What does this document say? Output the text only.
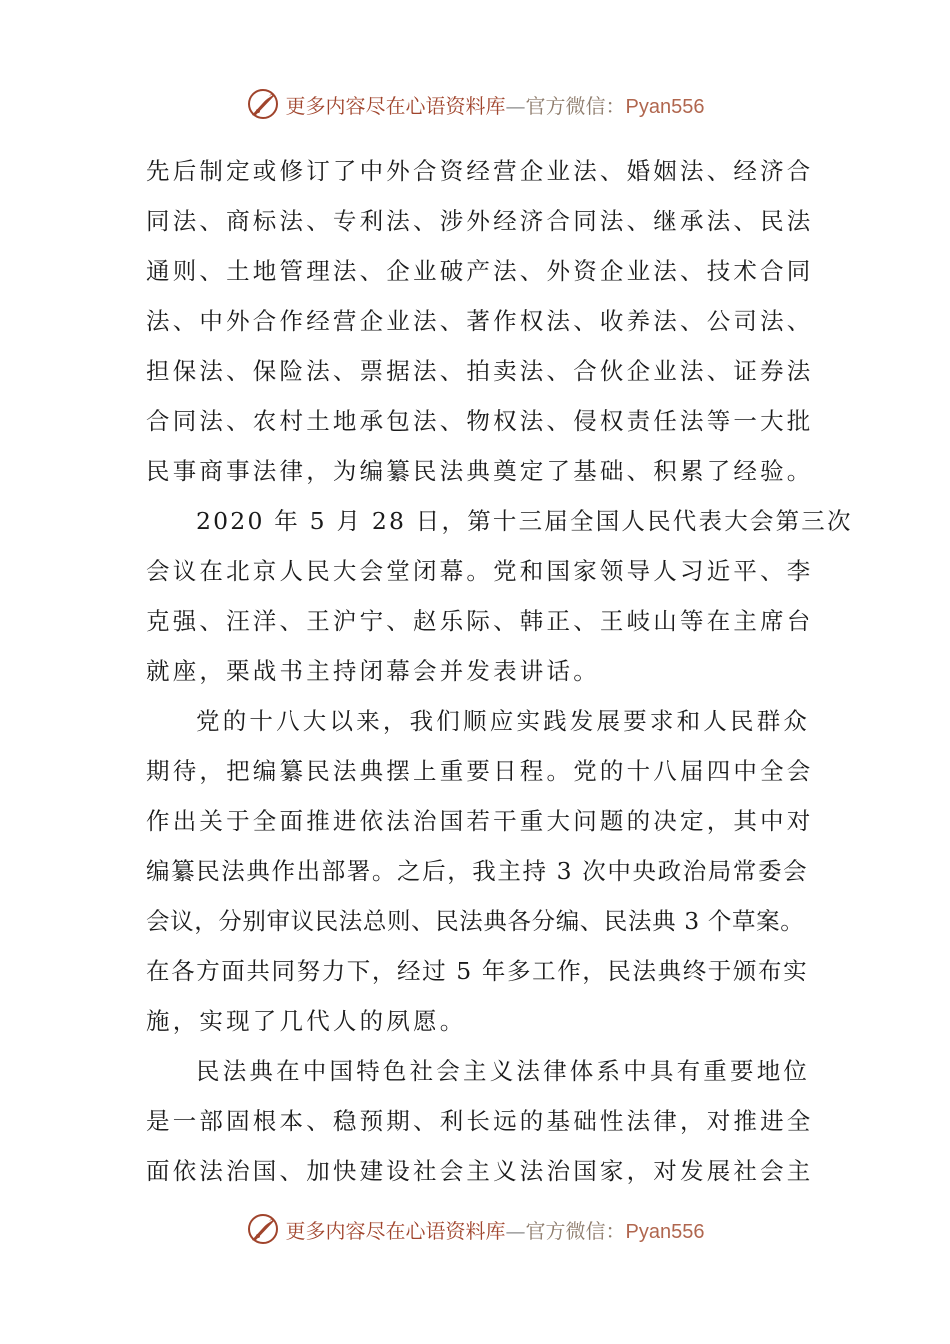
更多内容尽在心语资料库—官方微信：Pyan556
先后制定或修订了中外合资经营企业法、婚姻法、经济合
同法、商标法、专利法、涉外经济合同法、继承法、民法
通则、土地管理法、企业破产法、外资企业法、技术合同
法、中外合作经营企业法、著作权法、收养法、公司法、
担保法、保险法、票据法、拍卖法、合伙企业法、证券法
合同法、农村土地承包法、物权法、侵权责任法等一大批
民事商事法律，为编纂民法典奠定了基础、积累了经验。
2020 年 5 月 28 日，第十三届全国人民代表大会第三次
会议在北京人民大会堂闭幕。党和国家领导人习近平、李
克强、汪洋、王沪宁、赵乐际、韩正、王岐山等在主席台
就座，栗战书主持闭幕会并发表讲话。
党的十八大以来，我们顺应实践发展要求和人民群众
期待，把编纂民法典摆上重要日程。党的十八届四中全会
作出关于全面推进依法治国若干重大问题的决定，其中对
编纂民法典作出部署。之后，我主持 3 次中央政治局常委会
会议，分别审议民法总则、民法典各分编、民法典 3 个草案。
在各方面共同努力下，经过 5 年多工作，民法典终于颁布实
施，实现了几代人的夙愿。
民法典在中国特色社会主义法律体系中具有重要地位
是一部固根本、稳预期、利长远的基础性法律，对推进全
面依法治国、加快建设社会主义法治国家，对发展社会主
更多内容尽在心语资料库—官方微信：Pyan556
